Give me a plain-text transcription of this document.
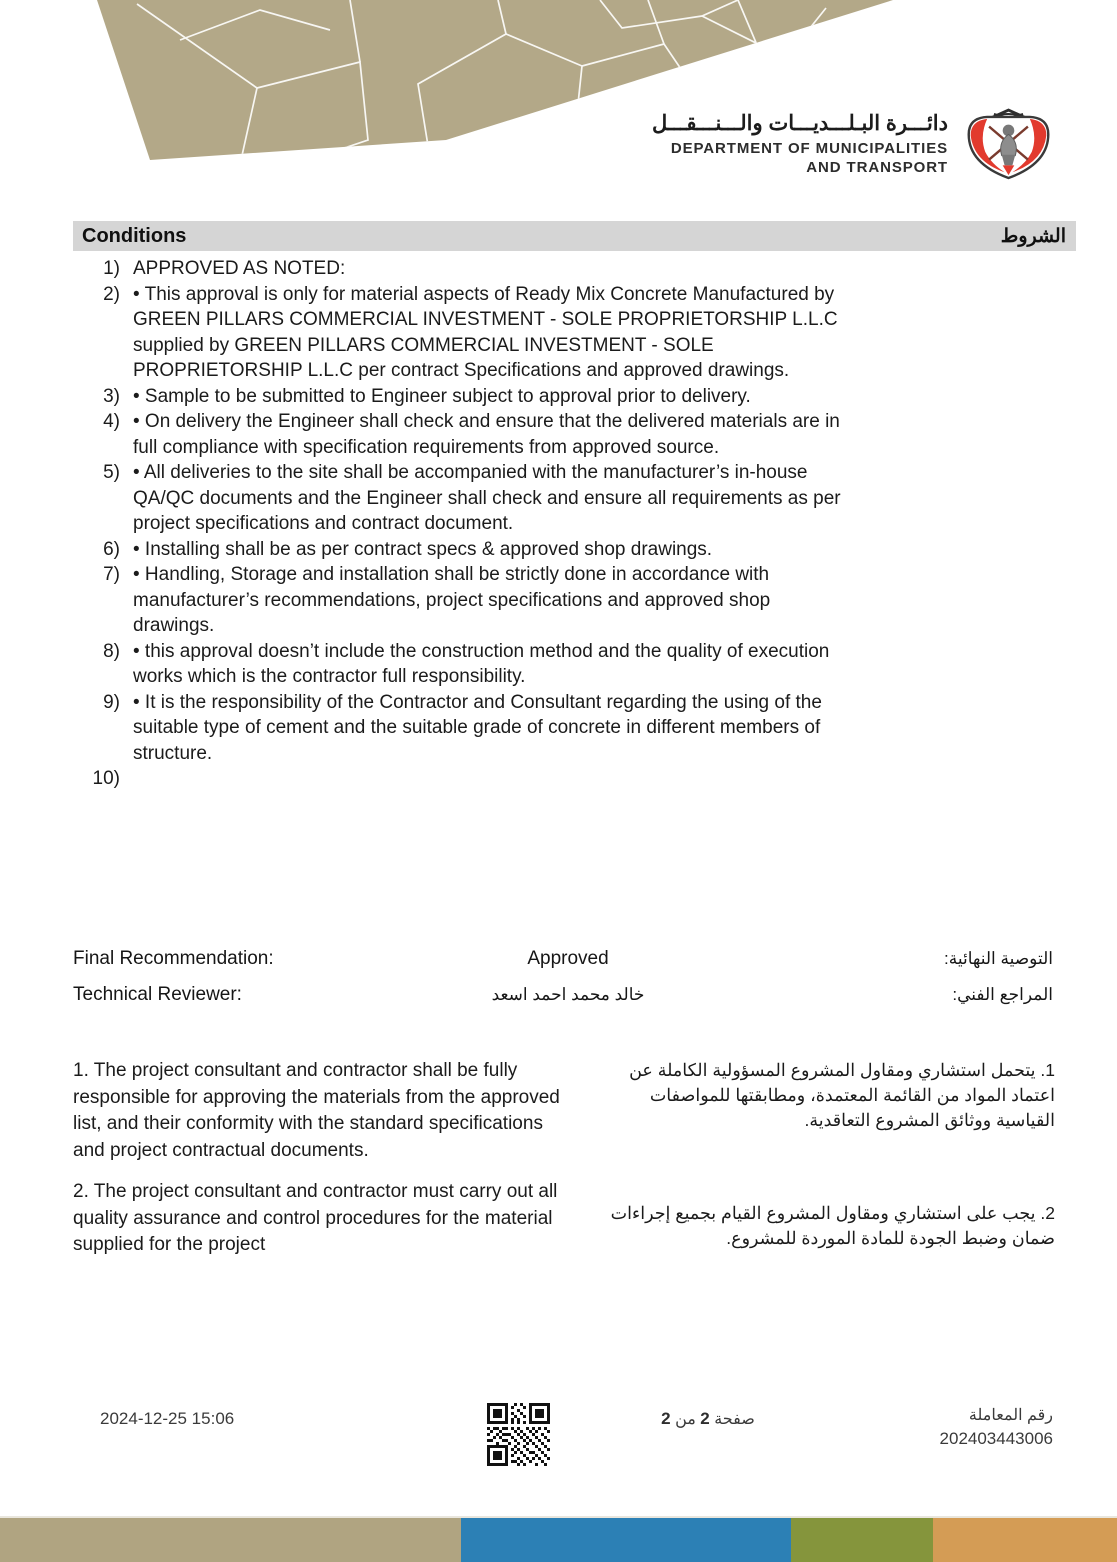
دائـــرة البـلـــديـــات والـــنـــقـــل
DEPARTMENT OF MUNICIPALITIES
AND TRANSPORT
Conditions	الشروط
1) APPROVED AS NOTED:
2) • This approval is only for material aspects of Ready Mix Concrete Manufactured by GREEN PILLARS COMMERCIAL INVESTMENT - SOLE PROPRIETORSHIP L.L.C supplied by GREEN PILLARS COMMERCIAL INVESTMENT - SOLE PROPRIETORSHIP L.L.C per contract Specifications and approved drawings.
3) • Sample to be submitted to Engineer subject to approval prior to delivery.
4) • On delivery the Engineer shall check and ensure that the delivered materials are in full compliance with specification requirements from approved source.
5) • All deliveries to the site shall be accompanied with the manufacturer’s in-house QA/QC documents and the Engineer shall check and ensure all requirements as per project specifications and contract document.
6) • Installing shall be as per contract specs & approved shop drawings.
7) • Handling, Storage and installation shall be strictly done in accordance with manufacturer’s recommendations, project specifications and approved shop drawings.
8) • this approval doesn’t include the construction method and the quality of execution works which is the contractor full responsibility.
9) • It is the responsibility of the Contractor and Consultant regarding the using of the suitable type of cement and the suitable grade of concrete in different members of structure.
10)
Final Recommendation:	Approved	التوصية النهائية:
Technical Reviewer:	خالد محمد احمد اسعد	المراجع الفني:

1. The project consultant and contractor shall be fully responsible for approving the materials from the approved list, and their conformity with the standard specifications and project contractual documents.

1. يتحمل استشاري ومقاول المشروع المسؤولية الكاملة عن اعتماد المواد من القائمة المعتمدة، ومطابقتها للمواصفات القياسية ووثائق المشروع التعاقدية.

2. The project consultant and contractor must carry out all quality assurance and control procedures for the material supplied for the project

2. يجب على استشاري ومقاول المشروع القيام بجميع إجراءات ضمان وضبط الجودة للمادة الموردة للمشروع.

2024-12-25 15:06	صفحة 2 من 2	رقم المعاملة
202403443006
